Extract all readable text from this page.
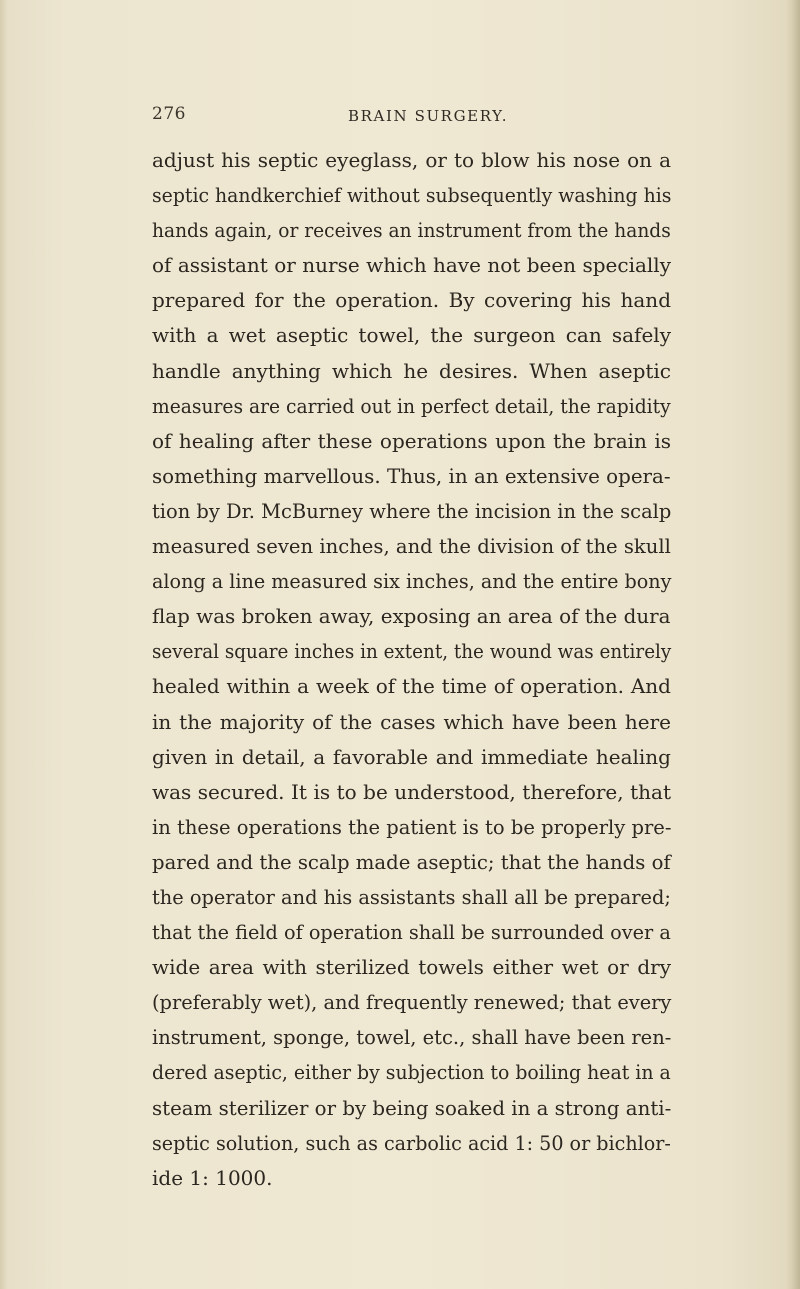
276	BRAIN SURGERY.

adjust his septic eyeglass, or to blow his nose on a
septic handkerchief without subsequently washing his
hands again, or receives an instrument from the hands
of assistant or nurse which have not been specially
prepared for the operation. By covering his hand
with a wet aseptic towel, the surgeon can safely
handle anything which he desires. When aseptic
measures are carried out in perfect detail, the rapidity
of healing after these operations upon the brain is
something marvellous. Thus, in an extensive opera-
tion by Dr. McBurney where the incision in the scalp
measured seven inches, and the division of the skull
along a line measured six inches, and the entire bony
flap was broken away, exposing an area of the dura
several square inches in extent, the wound was entirely
healed within a week of the time of operation. And
in the majority of the cases which have been here
given in detail, a favorable and immediate healing
was secured. It is to be understood, therefore, that
in these operations the patient is to be properly pre-
pared and the scalp made aseptic; that the hands of
the operator and his assistants shall all be prepared;
that the field of operation shall be surrounded over a
wide area with sterilized towels either wet or dry
(preferably wet), and frequently renewed; that every
instrument, sponge, towel, etc., shall have been ren-
dered aseptic, either by subjection to boiling heat in a
steam sterilizer or by being soaked in a strong anti-
septic solution, such as carbolic acid 1: 50 or bichlor-
ide 1: 1000.
